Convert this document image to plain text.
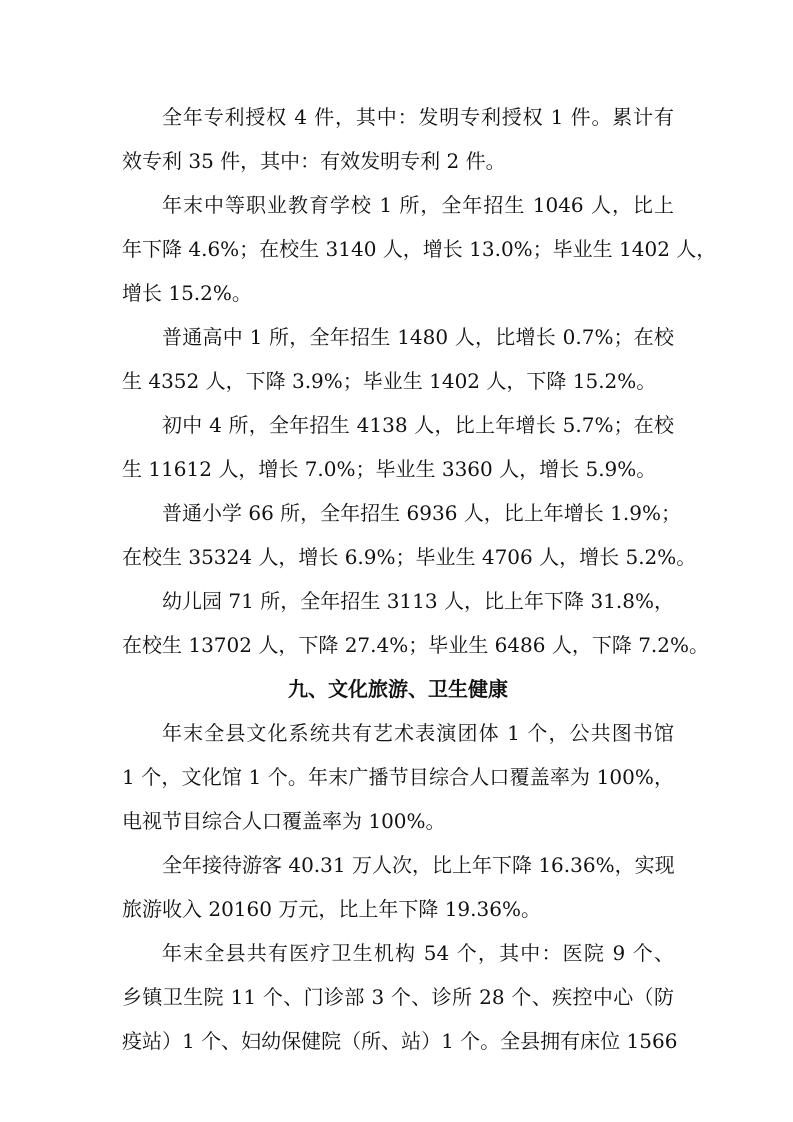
全年专利授权 4 件，其中：发明专利授权 1 件。累计有
效专利 35 件，其中：有效发明专利 2 件。
年末中等职业教育学校 1 所，全年招生 1046 人，比上
年下降 4.6%；在校生 3140 人，增长 13.0%；毕业生 1402 人，
增长 15.2%。
普通高中 1 所，全年招生 1480 人，比增长 0.7%；在校
生 4352 人，下降 3.9%；毕业生 1402 人，下降 15.2%。
初中 4 所，全年招生 4138 人，比上年增长 5.7%；在校
生 11612 人，增长 7.0%；毕业生 3360 人，增长 5.9%。
普通小学 66 所，全年招生 6936 人，比上年增长 1.9%；
在校生 35324 人，增长 6.9%；毕业生 4706 人，增长 5.2%。
幼儿园 71 所，全年招生 3113 人，比上年下降 31.8%，
在校生 13702 人，下降 27.4%；毕业生 6486 人，下降 7.2%。
九、文化旅游、卫生健康
年末全县文化系统共有艺术表演团体 1 个，公共图书馆
1 个，文化馆 1 个。年末广播节目综合人口覆盖率为 100%，
电视节目综合人口覆盖率为 100%。
全年接待游客 40.31 万人次，比上年下降 16.36%，实现
旅游收入 20160 万元，比上年下降 19.36%。
年末全县共有医疗卫生机构 54 个，其中：医院 9 个、
乡镇卫生院 11 个、门诊部 3 个、诊所 28 个、疾控中心（防
疫站）1 个、妇幼保健院（所、站）1 个。全县拥有床位 1566
